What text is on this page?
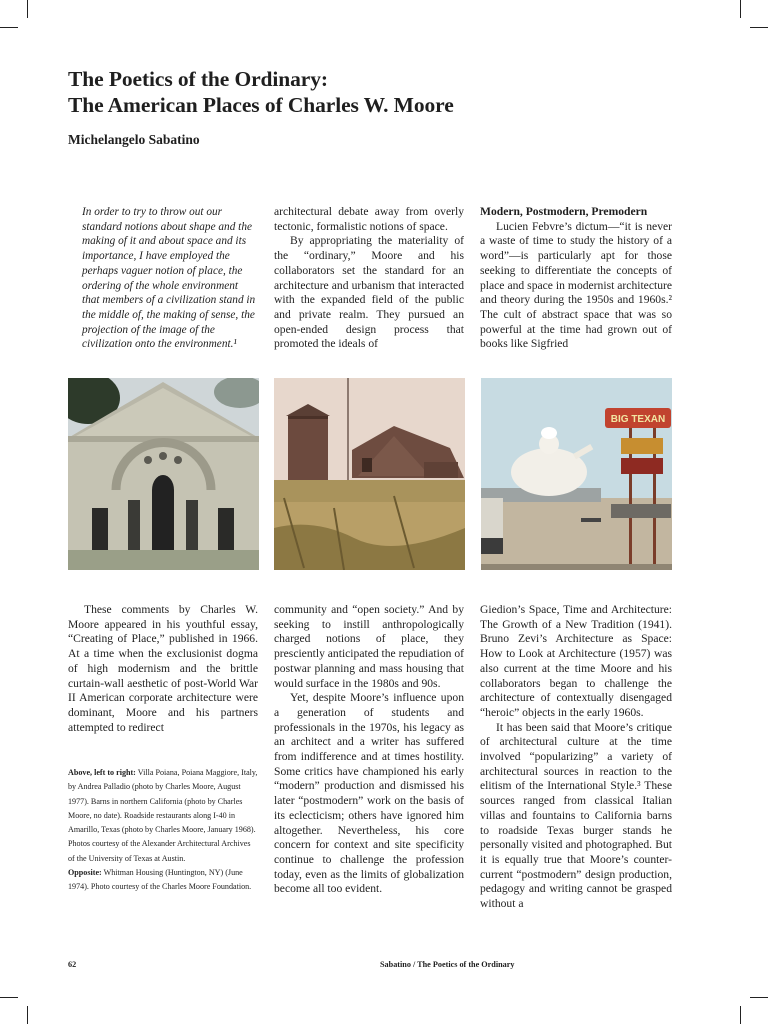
The Poetics of the Ordinary:
The American Places of Charles W. Moore
Michelangelo Sabatino

In order to try to throw out our standard notions about shape and the making of it and about space and its importance, I have employed the perhaps vaguer notion of place, the ordering of the whole environment that members of a civilization stand in the middle of, the making of sense, the projection of the image of the civilization onto the environment.¹

architectural debate away from overly tectonic, formalistic notions of space.

By appropriating the materiality of the “ordinary,” Moore and his collaborators set the standard for an architecture and urbanism that interacted with the expanded field of the public and private realm. They pursued an open-ended design process that promoted the ideals of

Modern, Postmodern, Premodern

Lucien Febvre’s dictum—“it is never a waste of time to study the history of a word”—is particularly apt for those seeking to differentiate the concepts of place and space in modernist architecture and theory during the 1950s and 1960s.² The cult of abstract space that was so powerful at the time had grown out of books like Sigfried

BIG TEXAN

These comments by Charles W. Moore appeared in his youthful essay, “Creating of Place,” published in 1966. At a time when the exclusionist dogma of high modernism and the brittle curtain-wall aesthetic of post-World War II American corporate architecture were dominant, Moore and his partners attempted to redirect

Above, left to right: Villa Poiana, Poiana Maggiore, Italy, by Andrea Palladio (photo by Charles Moore, August 1977). Barns in northern California (photo by Charles Moore, no date). Roadside restaurants along I-40 in Amarillo, Texas (photo by Charles Moore, January 1968). Photos courtesy of the Alexander Architectural Archives of the University of Texas at Austin.

Opposite: Whitman Housing (Huntington, NY) (June 1974). Photo courtesy of the Charles Moore Foundation.

community and “open society.” And by seeking to instill anthropologically charged notions of place, they presciently anticipated the repudiation of postwar planning and mass housing that would surface in the 1980s and 90s.

Yet, despite Moore’s influence upon a generation of students and professionals in the 1970s, his legacy as an architect and a writer has suffered from indifference and at times hostility. Some critics have championed his early “modern” production and dismissed his later “postmodern” work on the basis of its eclecticism; others have ignored him altogether. Nevertheless, his core concern for context and site specificity continue to challenge the profession today, even as the limits of globalization become all too evident.

Giedion’s Space, Time and Architecture: The Growth of a New Tradition (1941). Bruno Zevi’s Architecture as Space: How to Look at Architecture (1957) was also current at the time Moore and his collaborators began to challenge the architecture of contextually disengaged “heroic” objects in the early 1960s.

It has been said that Moore’s critique of architectural culture at the time involved “popularizing” a variety of architectural sources in reaction to the elitism of the International Style.³ These sources ranged from classical Italian villas and fountains to California barns to roadside Texas burger stands he personally visited and photographed. But it is equally true that Moore’s counter-current “postmodern” design production, pedagogy and writing cannot be grasped without a

62	Sabatino / The Poetics of the Ordinary
